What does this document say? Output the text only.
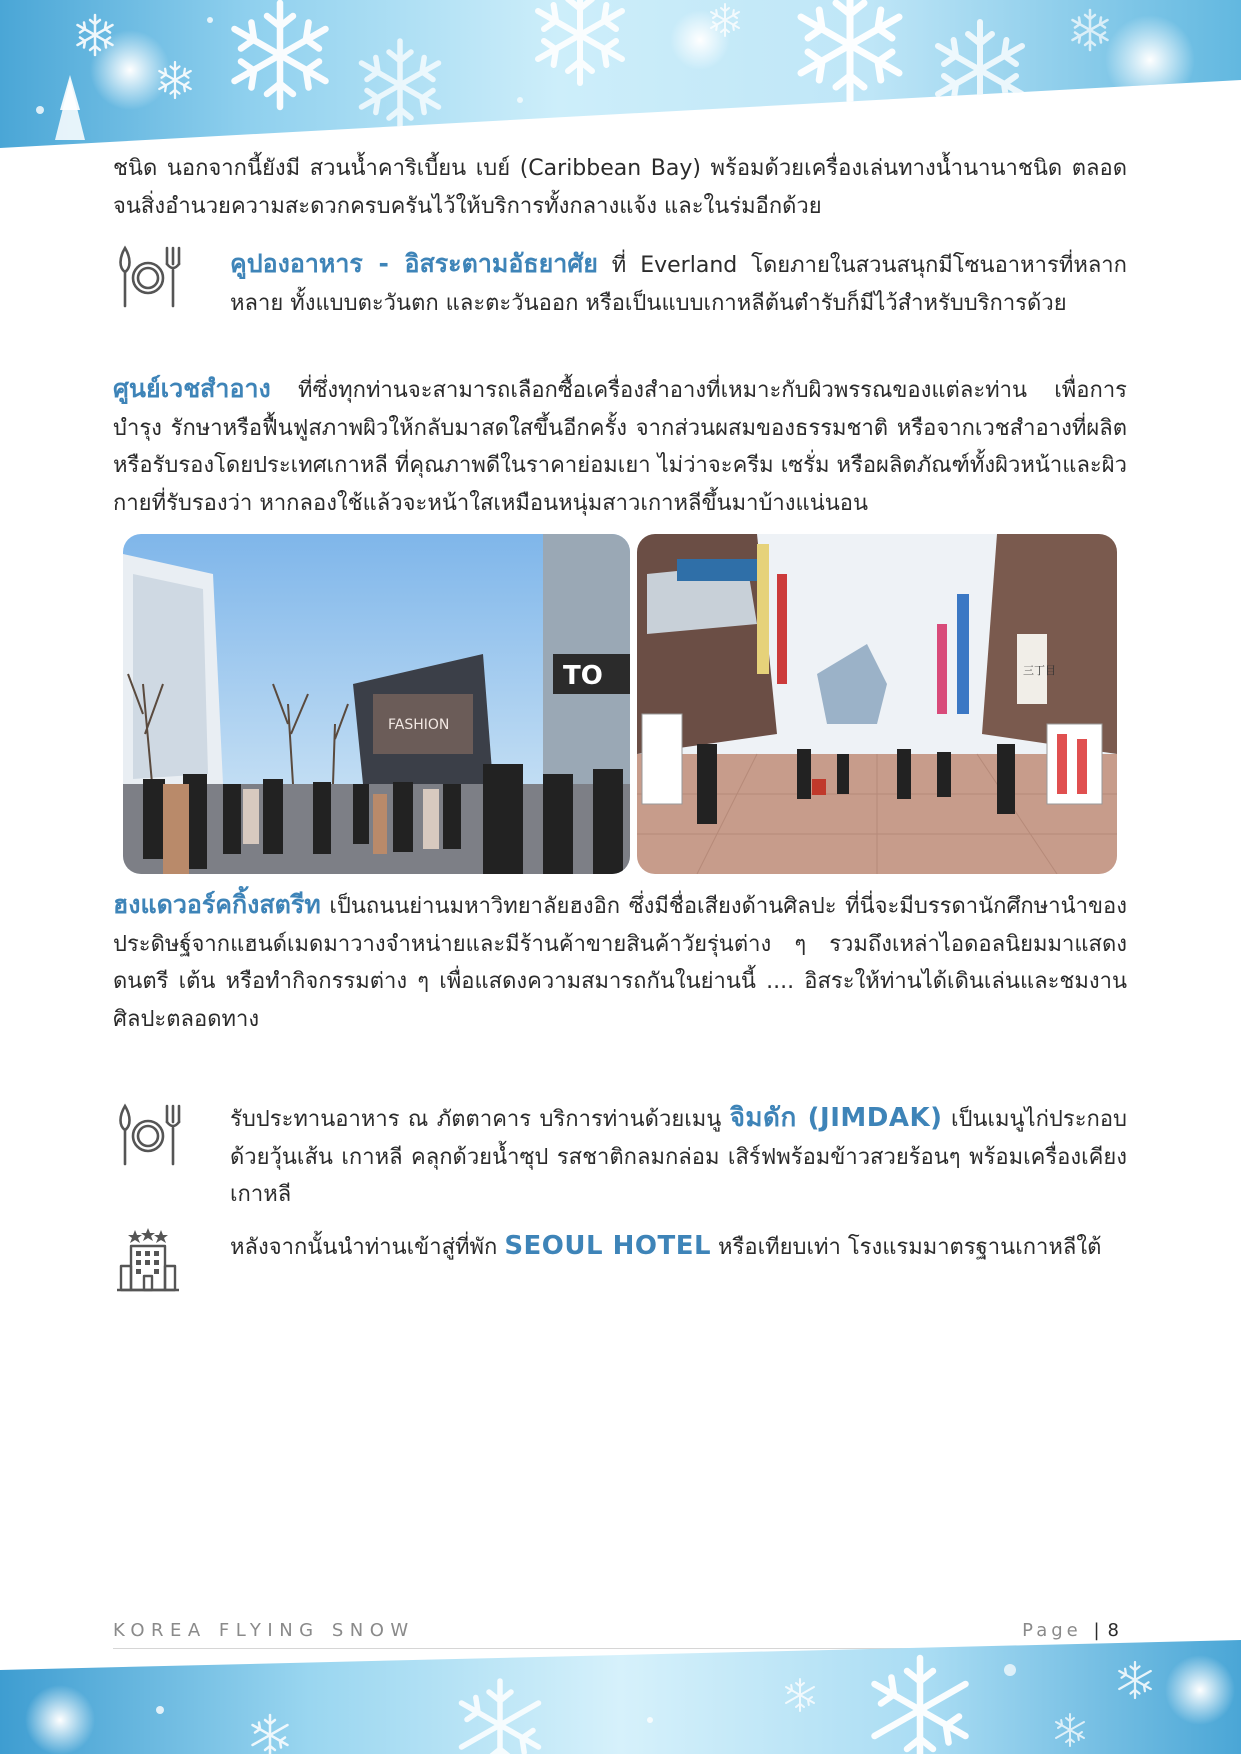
ชนิด นอกจากนี้ยังมี สวนน้ำคาริเบี้ยน เบย์ (Caribbean Bay) พร้อมด้วยเครื่องเล่นทางน้ำนานาชนิด ตลอดจนสิ่งอำนวยความสะดวกครบครันไว้ให้บริการทั้งกลางแจ้ง และในร่มอีกด้วย
คูปองอาหาร - อิสระตามอัธยาศัย ที่ Everland โดยภายในสวนสนุกมีโซนอาหารที่หลากหลาย ทั้งแบบตะวันตก และตะวันออก หรือเป็นแบบเกาหลีต้นตำรับก็มีไว้สำหรับบริการด้วย
ศูนย์เวชสำอาง ที่ซึ่งทุกท่านจะสามารถเลือกซื้อเครื่องสำอางที่เหมาะกับผิวพรรณของแต่ละท่าน เพื่อการบำรุง รักษาหรือฟื้นฟูสภาพผิวให้กลับมาสดใสขึ้นอีกครั้ง จากส่วนผสมของธรรมชาติ หรือจากเวชสำอางที่ผลิตหรือรับรองโดยประเทศเกาหลี ที่คุณภาพดีในราคาย่อมเยา ไม่ว่าจะครีม เซรั่ม หรือผลิตภัณฑ์ทั้งผิวหน้าและผิวกายที่รับรองว่า หากลองใช้แล้วจะหน้าใสเหมือนหนุ่มสาวเกาหลีขึ้นมาบ้างแน่นอน
TO
FASHION
三丁目
ฮงแดวอร์คกิ้งสตรีท เป็นถนนย่านมหาวิทยาลัยฮงอิก ซึ่งมีชื่อเสียงด้านศิลปะ ที่นี่จะมีบรรดานักศึกษานำของประดิษฐ์จากแฮนด์เมดมาวางจำหน่ายและมีร้านค้าขายสินค้าวัยรุ่นต่าง ๆ รวมถึงเหล่าไอดอลนิยมมาแสดงดนตรี เต้น หรือทำกิจกรรมต่าง ๆ เพื่อแสดงความสมารถกันในย่านนี้ .... อิสระให้ท่านได้เดินเล่นและชมงานศิลปะตลอดทาง
รับประทานอาหาร ณ ภัตตาคาร บริการท่านด้วยเมนู จิมดัก (JIMDAK) เป็นเมนูไก่ประกอบด้วยวุ้นเส้น เกาหลี คลุกด้วยน้ำซุป รสชาติกลมกล่อม เสิร์ฟพร้อมข้าวสวยร้อนๆ พร้อมเครื่องเคียงเกาหลี
หลังจากนั้นนำท่านเข้าสู่ที่พัก SEOUL HOTEL หรือเทียบเท่า โรงแรมมาตรฐานเกาหลีใต้
KOREA FLYING SNOW	Page | 8
